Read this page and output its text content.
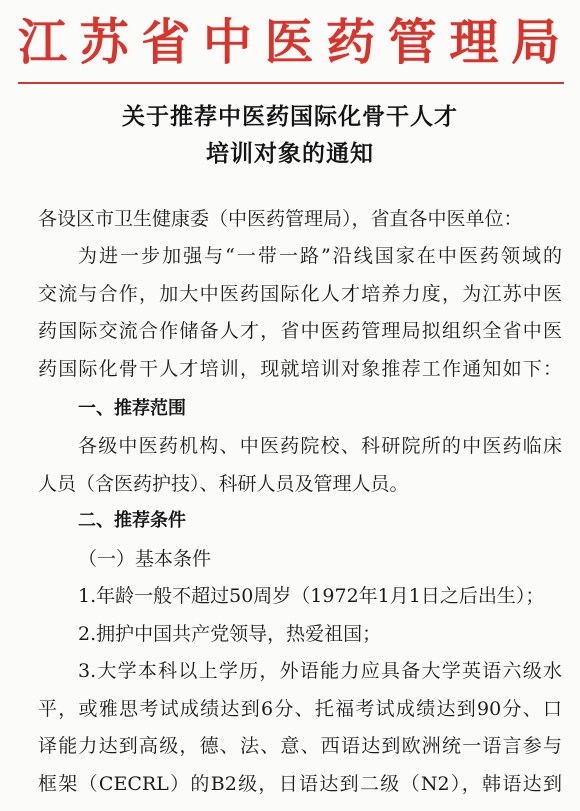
江苏省中医药管理局
关于推荐中医药国际化骨干人才
培训对象的通知
各设区市卫生健康委（中医药管理局），省直各中医单位：
为进一步加强与“一带一路”沿线国家在中医药领域的
交流与合作，加大中医药国际化人才培养力度，为江苏中医
药国际交流合作储备人才，省中医药管理局拟组织全省中医
药国际化骨干人才培训，现就培训对象推荐工作通知如下：
一、推荐范围
各级中医药机构、中医药院校、科研院所的中医药临床
人员（含医药护技）、科研人员及管理人员。
二、推荐条件
（一）基本条件
1.年龄一般不超过50周岁（1972年1月1日之后出生）；
2.拥护中国共产党领导，热爱祖国；
3.大学本科以上学历，外语能力应具备大学英语六级水
平，或雅思考试成绩达到6分、托福考试成绩达到90分、口
译能力达到高级，德、法、意、西语达到欧洲统一语言参与
框架（CECRL）的B2级，日语达到二级（N2），韩语达到
